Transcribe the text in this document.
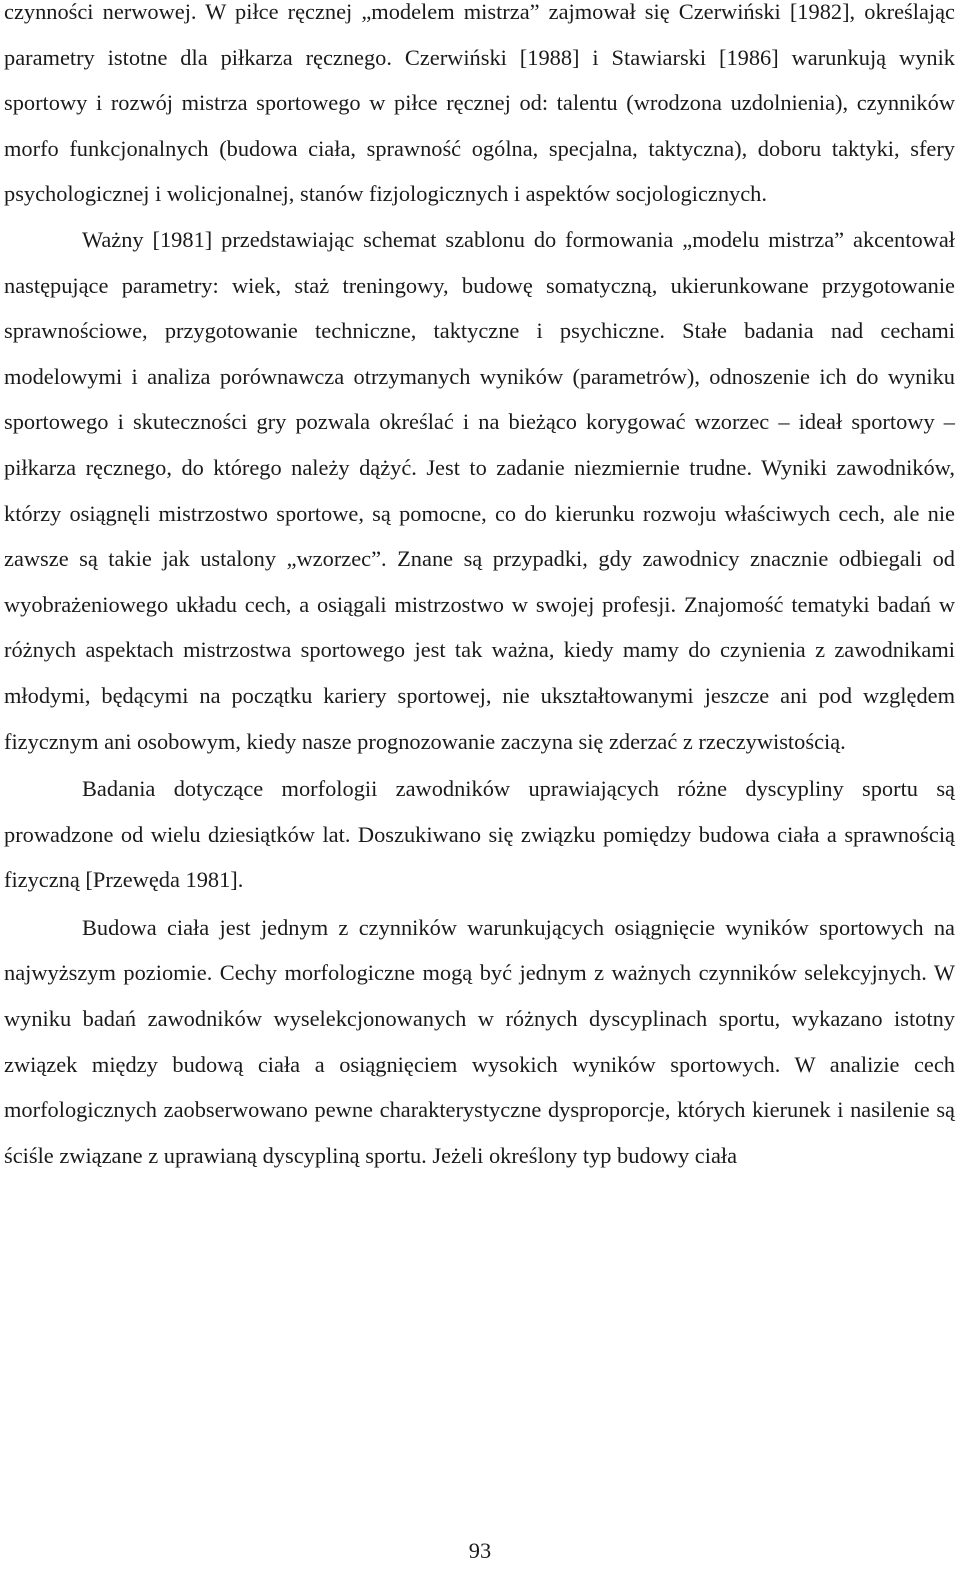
czynności nerwowej. W piłce ręcznej „modelem mistrza” zajmował się Czerwiński [1982], określając parametry istotne dla piłkarza ręcznego. Czerwiński [1988] i Stawiarski [1986] warunkują wynik sportowy i rozwój mistrza sportowego w piłce ręcznej od: talentu (wrodzona uzdolnienia), czynników morfo funkcjonalnych (budowa ciała, sprawność ogólna, specjalna, taktyczna), doboru taktyki, sfery psychologicznej i wolicjonalnej, stanów fizjologicznych i aspektów socjologicznych.

Ważny [1981] przedstawiając schemat szablonu do formowania „modelu mistrza” akcentował następujące parametry: wiek, staż treningowy, budowę somatyczną, ukierunkowane przygotowanie sprawnościowe, przygotowanie techniczne, taktyczne i psychiczne. Stałe badania nad cechami modelowymi i analiza porównawcza otrzymanych wyników (parametrów), odnoszenie ich do wyniku sportowego i skuteczności gry pozwala określać i na bieżąco korygować wzorzec – ideał sportowy – piłkarza ręcznego, do którego należy dążyć. Jest to zadanie niezmiernie trudne. Wyniki zawodników, którzy osiągnęli mistrzostwo sportowe, są pomocne, co do kierunku rozwoju właściwych cech, ale nie zawsze są takie jak ustalony „wzorzec”. Znane są przypadki, gdy zawodnicy znacznie odbiegali od wyobrażeniowego układu cech, a osiągali mistrzostwo w swojej profesji. Znajomość tematyki badań w różnych aspektach mistrzostwa sportowego jest tak ważna, kiedy mamy do czynienia z zawodnikami młodymi, będącymi na początku kariery sportowej, nie ukształtowanymi jeszcze ani pod względem fizycznym ani osobowym, kiedy nasze prognozowanie zaczyna się zderzać z rzeczywistością.

Badania dotyczące morfologii zawodników uprawiających różne dyscypliny sportu są prowadzone od wielu dziesiątków lat. Doszukiwano się związku pomiędzy budowa ciała a sprawnością fizyczną [Przewęda 1981].

Budowa ciała jest jednym z czynników warunkujących osiągnięcie wyników sportowych na najwyższym poziomie. Cechy morfologiczne mogą być jednym z ważnych czynników selekcyjnych. W wyniku badań zawodników wyselekcjonowanych w różnych dyscyplinach sportu, wykazano istotny związek między budową ciała a osiągnięciem wysokich wyników sportowych. W analizie cech morfologicznych zaobserwowano pewne charakterystyczne dysproporcje, których kierunek i nasilenie są ściśle związane z uprawianą dyscypliną sportu. Jeżeli określony typ budowy ciała

93
